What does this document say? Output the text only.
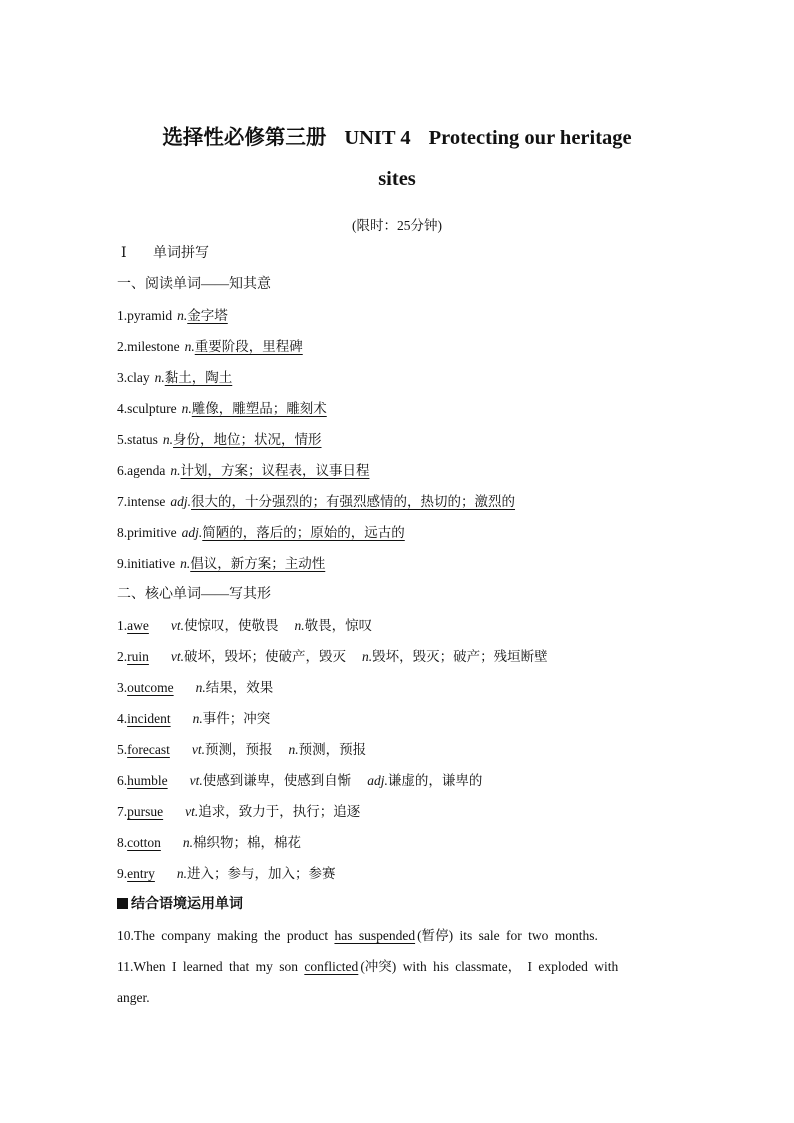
选择性必修第三册 UNIT 4 Protecting our heritage
sites
(限时：25分钟)
Ⅰ 单词拼写
一、阅读单词——知其意
1.pyramid n.金字塔
2.milestone n.重要阶段，里程碑
3.clay n.黏土，陶土
4.sculpture n.雕像，雕塑品；雕刻术
5.status n.身份，地位；状况，情形
6.agenda n.计划，方案；议程表，议事日程
7.intense adj.很大的，十分强烈的；有强烈感情的，热切的；激烈的
8.primitive adj.简陋的，落后的；原始的，远古的
9.initiative n.倡议，新方案；主动性
二、核心单词——写其形
1.awe vt.使惊叹，使敬畏 n.敬畏，惊叹
2.ruin vt.破坏，毁坏；使破产，毁灭 n.毁坏，毁灭；破产；残垣断壁
3.outcome n.结果，效果
4.incident n.事件；冲突
5.forecast vt.预测，预报 n.预测，预报
6.humble vt.使感到谦卑，使感到自惭 adj.谦虚的，谦卑的
7.pursue vt.追求，致力于，执行；追逐
8.cotton n.棉织物；棉，棉花
9.entry n.进入；参与，加入；参赛
结合语境运用单词
10.The company making the product has suspended (暂停) its sale for two months.
11.When I learned that my son conflicted (冲突) with his classmate， I exploded with
anger.
